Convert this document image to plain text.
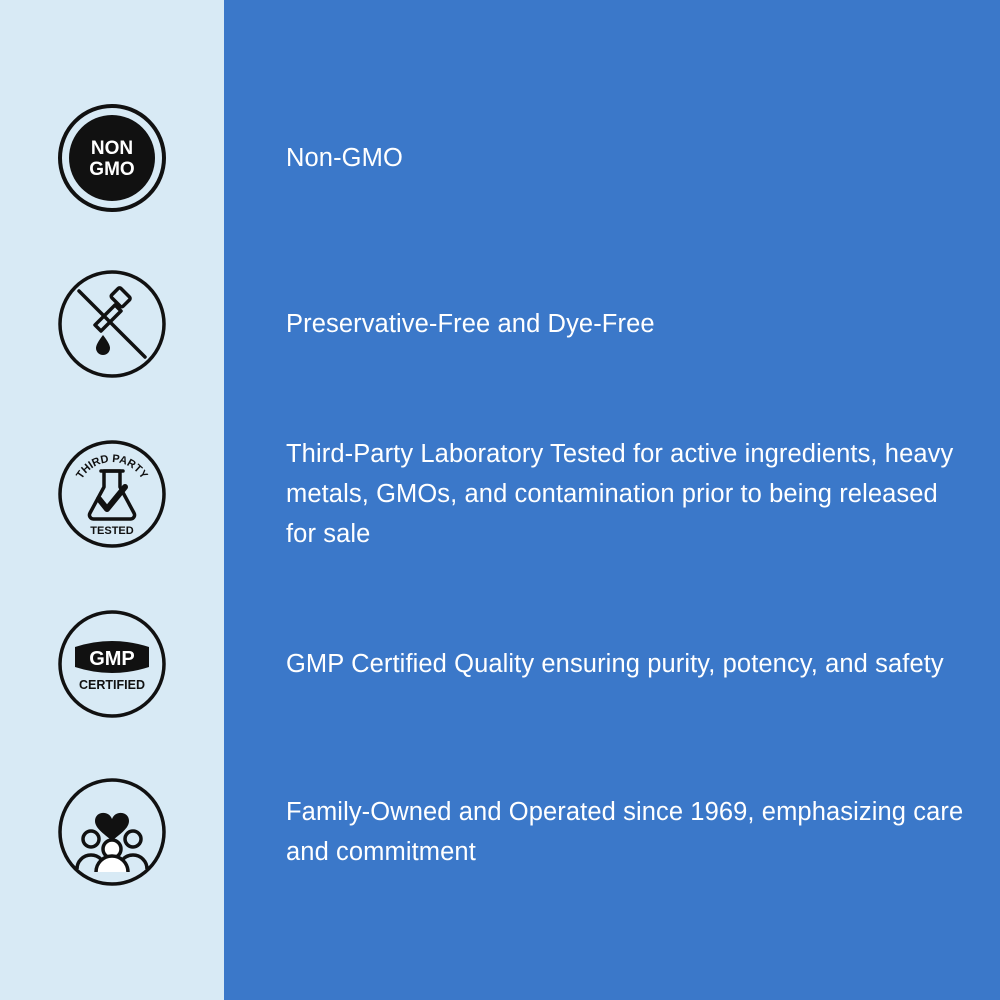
NON
GMO	Non-GMO
Preservative-Free and Dye-Free
THIRD PARTY
TESTED
Third-Party Laboratory Tested for active ingredients, heavy metals, GMOs, and contamination prior to being released for sale
GMP
CERTIFIED
GMP Certified Quality ensuring purity, potency, and safety
Family-Owned and Operated since 1969, emphasizing care and commitment
